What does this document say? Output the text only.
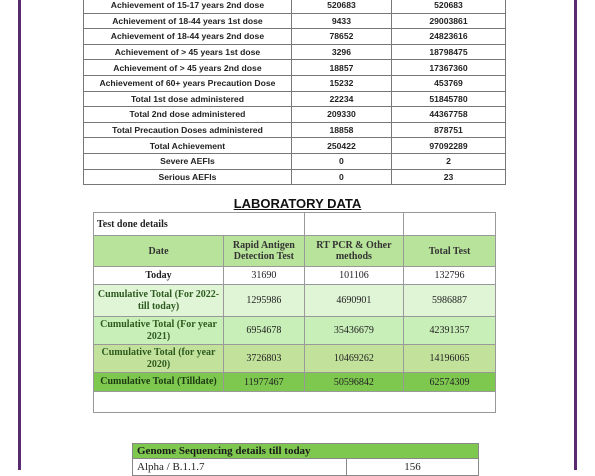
Achievement of 15-17 years 2nd dose	520683	520683
Achievement of 18-44 years 1st dose	9433	29003861
Achievement of 18-44 years 2nd dose	78652	24823616
Achievement of > 45 years 1st dose	3296	18798475
Achievement of > 45 years 2nd dose	18857	17367360
Achievement of 60+ years Precaution Dose	15232	453769
Total 1st dose administered	22234	51845780
Total 2nd dose administered	209330	44367758
Total Precaution Doses administered	18858	878751
Total Achievement	250422	97092289
Severe AEFIs	0	2
Serious AEFIs	0	23
LABORATORY DATA
Test done details			
Date	Rapid Antigen Detection Test	RT PCR & Other methods	Total Test
Today	31690	101106	132796
Cumulative Total (For 2022- till today)	1295986	4690901	5986887
Cumulative Total (For year 2021)	6954678	35436679	42391357
Cumulative Total (for year 2020)	3726803	10469262	14196065
Cumulative Total (Tilldate)	11977467	50596842	62574309

Genome Sequencing details till today
Alpha / B.1.1.7	156
